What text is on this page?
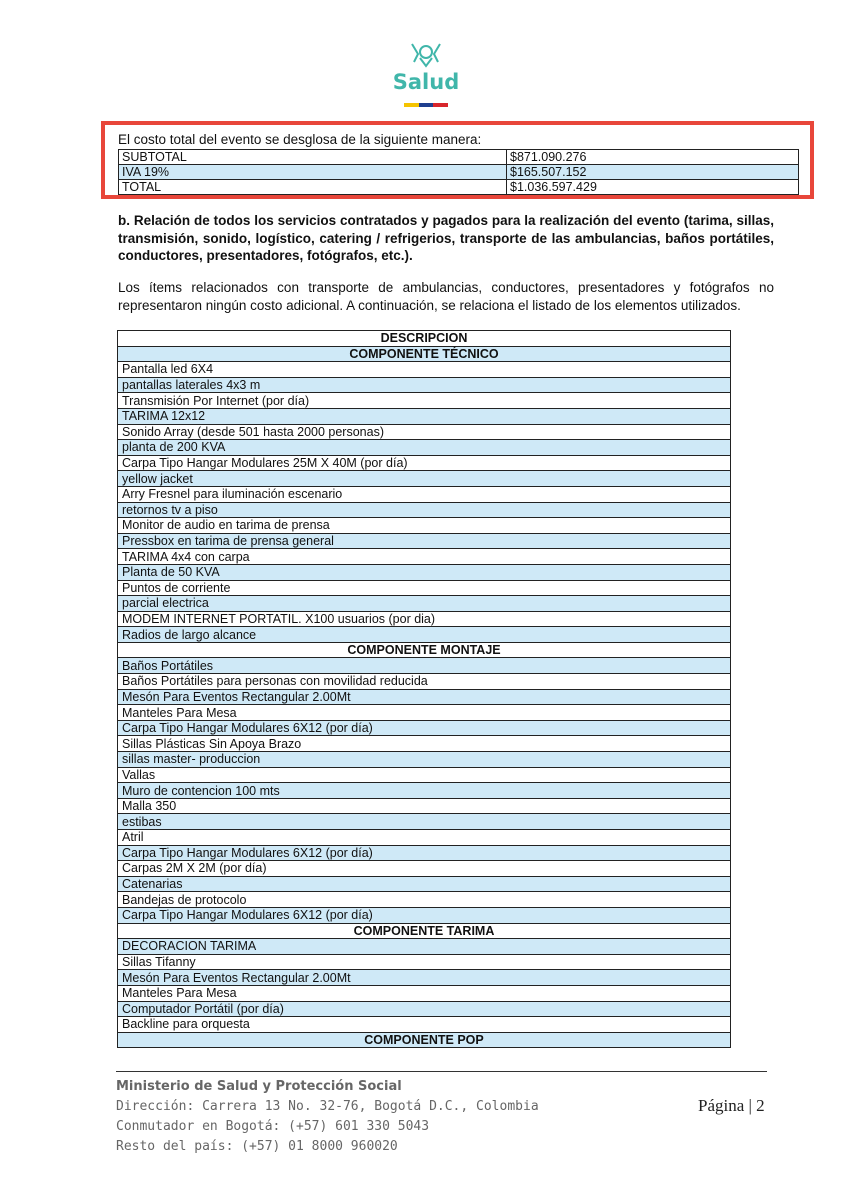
Salud
El costo total del evento se desglosa de la siguiente manera:
SUBTOTAL	$871.090.276
IVA 19%	$165.507.152
TOTAL	$1.036.597.429
b. Relación de todos los servicios contratados y pagados para la realización del evento (tarima, sillas, transmisión, sonido, logístico, catering / refrigerios, transporte de las ambulancias, baños portátiles, conductores, presentadores, fotógrafos, etc.).
Los ítems relacionados con transporte de ambulancias, conductores, presentadores y fotógrafos no representaron ningún costo adicional. A continuación, se relaciona el listado de los elementos utilizados.
DESCRIPCION
COMPONENTE TÉCNICO
Pantalla led 6X4
pantallas laterales 4x3 m
Transmisión Por Internet (por día)
TARIMA 12x12
Sonido Array (desde 501 hasta 2000 personas)
planta de 200 KVA
Carpa Tipo Hangar Modulares 25M X 40M (por día)
yellow jacket
Arry Fresnel para iluminación escenario
retornos tv a piso
Monitor de audio en tarima de prensa
Pressbox en tarima de prensa general
TARIMA 4x4 con carpa
Planta de 50 KVA
Puntos de corriente
parcial electrica
MODEM INTERNET PORTATIL. X100 usuarios (por dia)
Radios de largo alcance
COMPONENTE MONTAJE
Baños Portátiles
Baños Portátiles para personas con movilidad reducida
Mesón Para Eventos Rectangular 2.00Mt
Manteles Para Mesa
Carpa Tipo Hangar Modulares 6X12 (por día)
Sillas Plásticas Sin Apoya Brazo
sillas master- produccion
Vallas
Muro de contencion 100 mts
Malla 350
estibas
Atril
Carpa Tipo Hangar Modulares 6X12 (por día)
Carpas 2M X 2M (por día)
Catenarias
Bandejas de protocolo
Carpa Tipo Hangar Modulares 6X12 (por día)
COMPONENTE TARIMA
DECORACION TARIMA
Sillas Tifanny
Mesón Para Eventos Rectangular 2.00Mt
Manteles Para Mesa
Computador Portátil (por día)
Backline para orquesta
COMPONENTE POP
Ministerio de Salud y Protección Social
Dirección: Carrera 13 No. 32-76, Bogotá D.C., Colombia
Conmutador en Bogotá: (+57) 601 330 5043
Resto del país: (+57) 01 8000 960020
Página | 2
